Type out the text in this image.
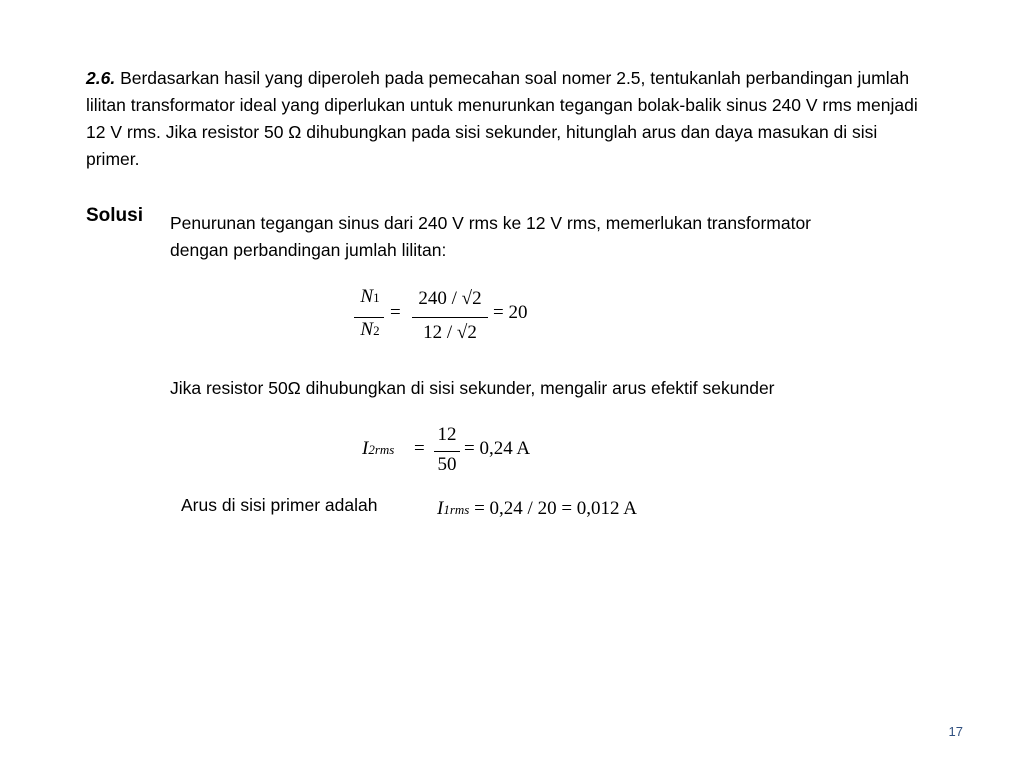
2.6. Berdasarkan hasil yang diperoleh pada pemecahan soal nomer 2.5, tentukanlah perbandingan jumlah lilitan transformator ideal yang diperlukan untuk menurunkan tegangan bolak-balik sinus 240 V rms menjadi 12 V rms. Jika resistor 50 Ω dihubungkan pada sisi sekunder, hitunglah arus dan daya masukan di sisi primer.

Solusi Penurunan tegangan sinus dari 240 V rms ke 12 V rms, memerlukan transformator dengan perbandingan jumlah lilitan:

N1
N2
=
240 / √2
12 / √2
= 20

Jika resistor 50Ω dihubungkan di sisi sekunder, mengalir arus efektif sekunder

I2rms =
12
50
= 0,24 A

Arus di sisi primer adalah	I1rms = 0,24 / 20 = 0,012 A
17
